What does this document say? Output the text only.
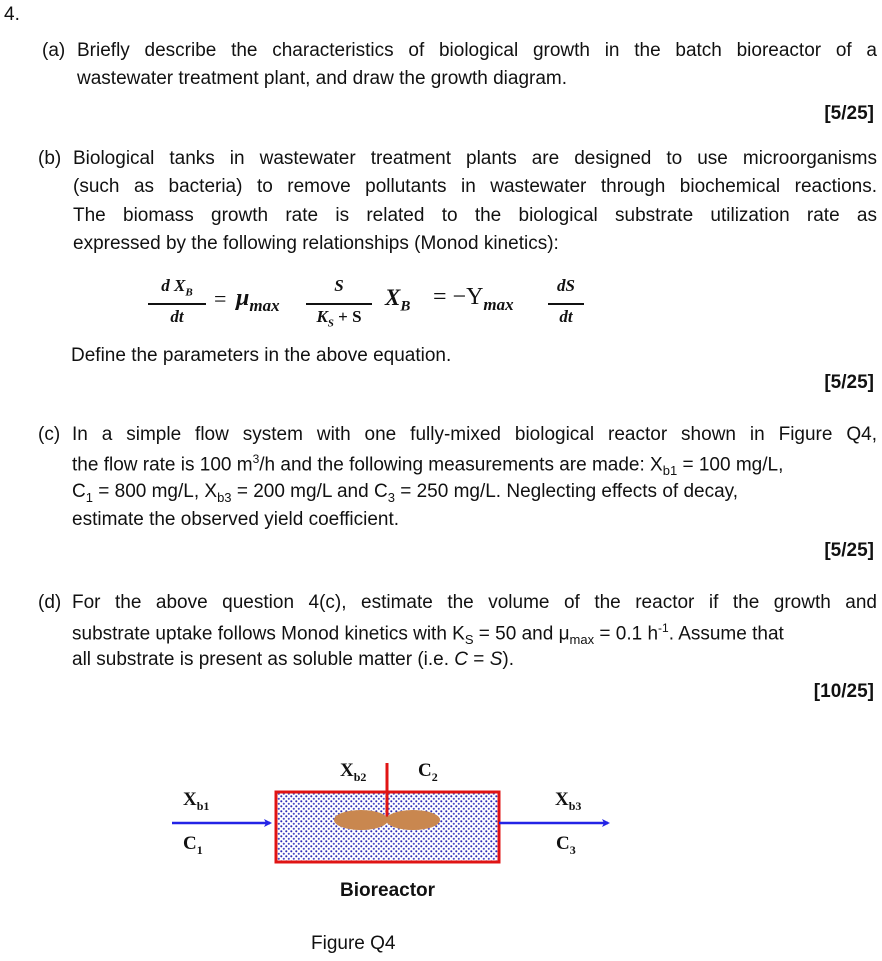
4.
(a) Briefly describe the characteristics of biological growth in the batch bioreactor of a
wastewater treatment plant, and draw the growth diagram.
[5/25]
(b) Biological tanks in wastewater treatment plants are designed to use microorganisms
(such as bacteria) to remove pollutants in wastewater through biochemical reactions.
The biomass growth rate is related to the biological substrate utilization rate as
expressed by the following relationships (Monod kinetics):
d $X_B$
dt
= $\mu_{max}$
S
$K_S + S$
$X_B = -Y_{max}$
dS
dt
Define the parameters in the above equation.
[5/25]
(c) In a simple flow system with one fully-mixed biological reactor shown in Figure Q4,
the flow rate is 100 $m^3/h$ and the following measurements are made: $X_{b1} = 100$ mg/L,
$C_1 = 800$ mg/L, $X_{b3} = 200$ mg/L and $C_3 = 250$ mg/L. Neglecting effects of decay,
estimate the observed yield coefficient.
[5/25]
(d) For the above question 4(c), estimate the volume of the reactor if the growth and
substrate uptake follows Monod kinetics with $K_S = 50$ and $\mu_{max} = 0.1$ $h^{-1}$. Assume that
all substrate is present as soluble matter (i.e. C = S).
[10/25]
$X_{b1}$
$C_1$
$X_{b2}$	$C_2$
$X_{b3}$
$C_3$
Bioreactor
Figure Q4
